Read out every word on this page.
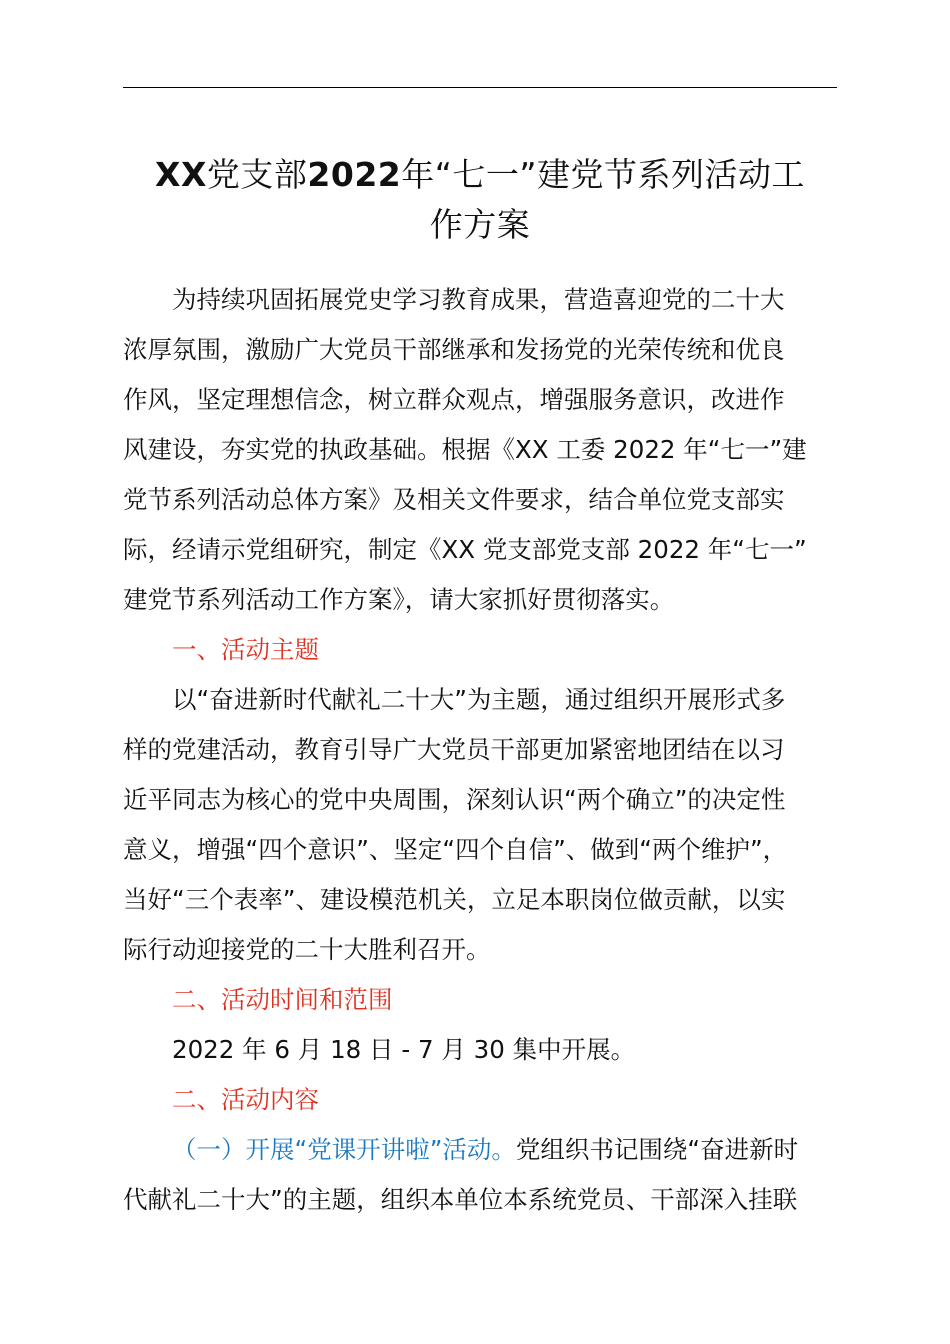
XX党支部2022年“七一”建党节系列活动工
作方案

为持续巩固拓展党史学习教育成果，营造喜迎党的二十大
浓厚氛围，激励广大党员干部继承和发扬党的光荣传统和优良
作风，坚定理想信念，树立群众观点，增强服务意识，改进作
风建设，夯实党的执政基础。根据《XX 工委 2022 年“七一”建
党节系列活动总体方案》及相关文件要求，结合单位党支部实
际，经请示党组研究，制定《XX 党支部党支部 2022 年“七一”
建党节系列活动工作方案》，请大家抓好贯彻落实。

一、活动主题

以“奋进新时代献礼二十大”为主题，通过组织开展形式多
样的党建活动，教育引导广大党员干部更加紧密地团结在以习
近平同志为核心的党中央周围，深刻认识“两个确立”的决定性
意义，增强“四个意识”、坚定“四个自信”、做到“两个维护”，
当好“三个表率”、建设模范机关，立足本职岗位做贡献，以实
际行动迎接党的二十大胜利召开。

二、活动时间和范围

2022 年 6 月 18 日 - 7 月 30 集中开展。

二、活动内容

（一）开展“党课开讲啦”活动。党组织书记围绕“奋进新时
代献礼二十大”的主题，组织本单位本系统党员、干部深入挂联
